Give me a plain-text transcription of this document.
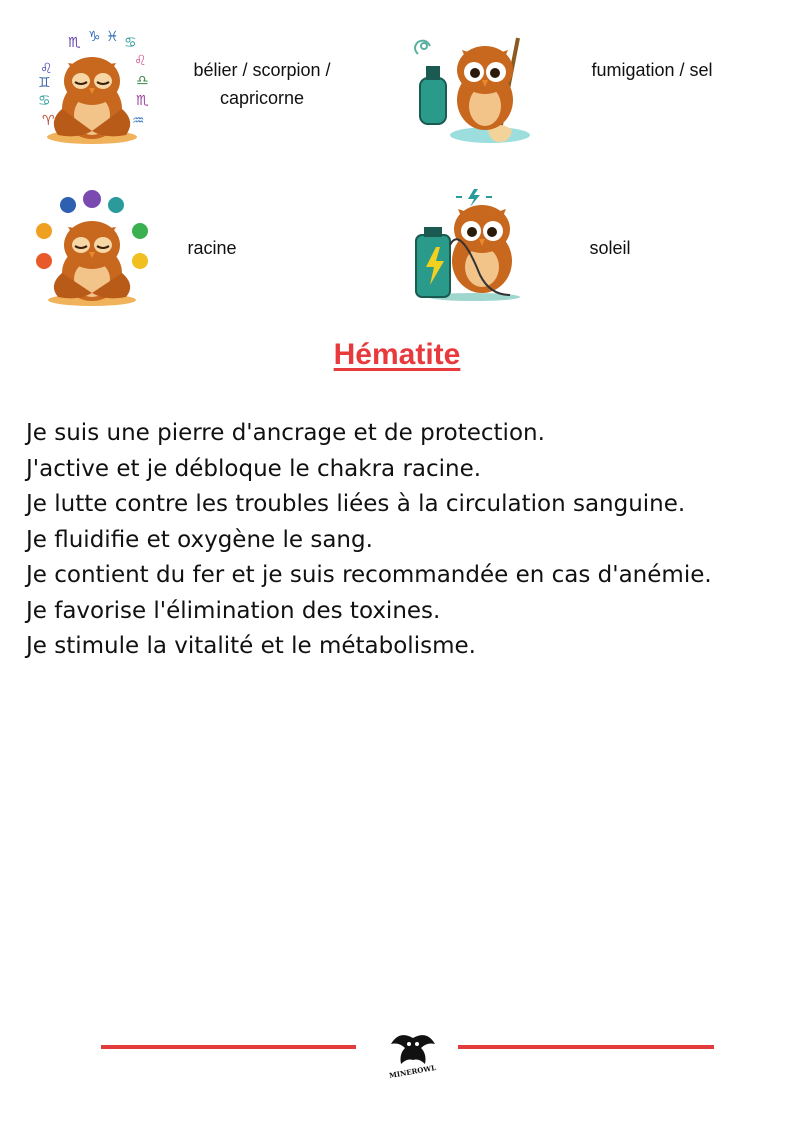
♏ ♑ ♓ ♋
♌	♌
♊	♎
♋	♏
♈	♒
bélier / scorpion /
capricorne
fumigation / sel
racine	soleil
Hématite
Je suis une pierre d'ancrage et de protection.
J'active et je débloque le chakra racine.
Je lutte contre les troubles liées à la circulation sanguine.
Je fluidifie et oxygène le sang.
Je contient du fer et je suis recommandée en cas d'anémie.
Je favorise l'élimination des toxines.
Je stimule la vitalité et le métabolisme.
MINEROWL
